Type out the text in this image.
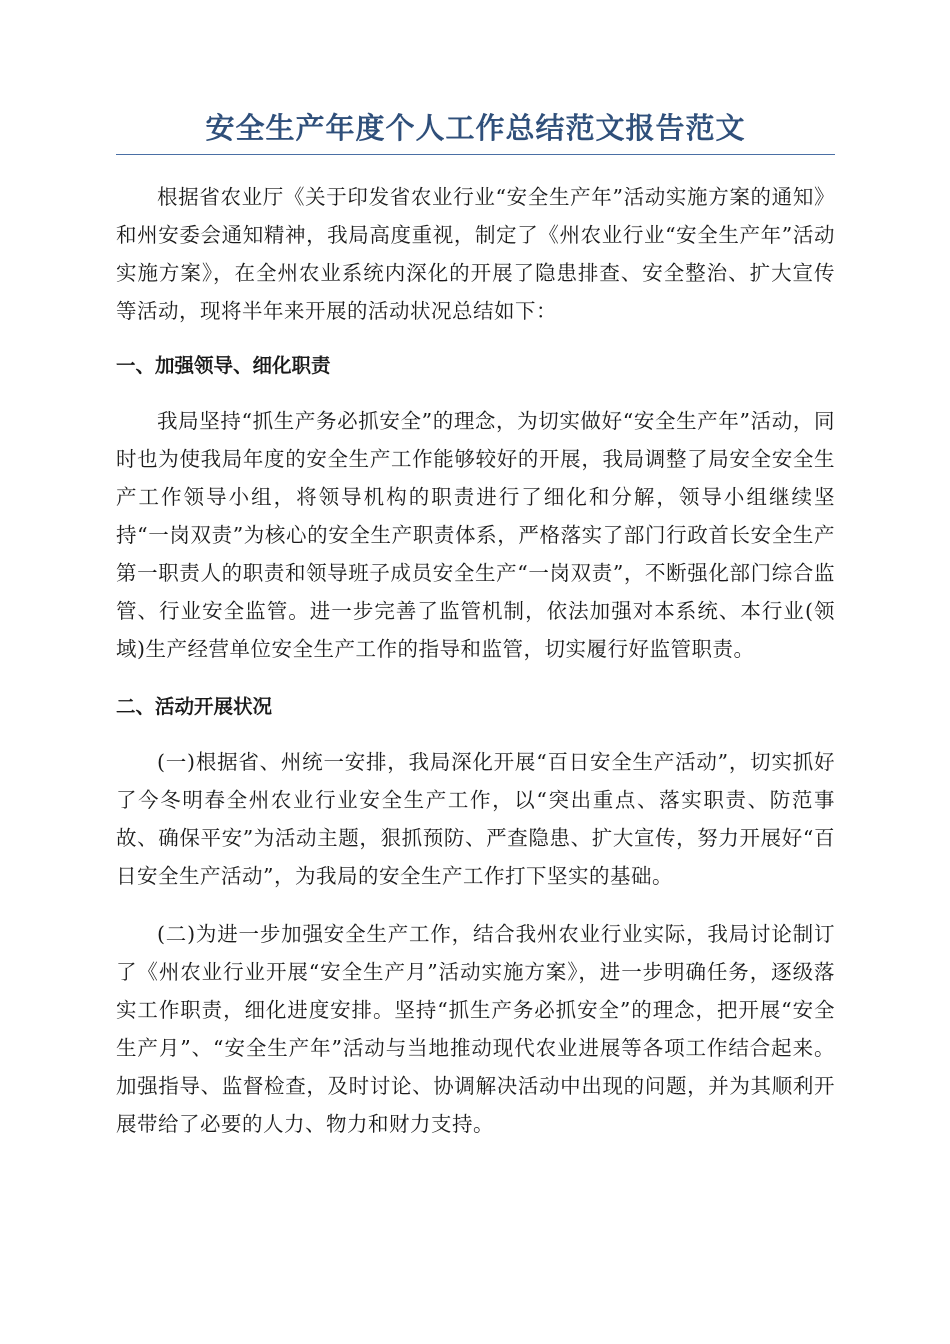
安全生产年度个人工作总结范文报告范文

根据省农业厅《关于印发省农业行业“安全生产年”活动实施方案的通知》和州安委会通知精神，我局高度重视，制定了《州农业行业“安全生产年”活动实施方案》，在全州农业系统内深化的开展了隐患排查、安全整治、扩大宣传等活动，现将半年来开展的活动状况总结如下：

一、加强领导、细化职责

我局坚持“抓生产务必抓安全”的理念，为切实做好“安全生产年”活动，同时也为使我局年度的安全生产工作能够较好的开展，我局调整了局安全安全生产工作领导小组，将领导机构的职责进行了细化和分解，领导小组继续坚持“一岗双责”为核心的安全生产职责体系，严格落实了部门行政首长安全生产第一职责人的职责和领导班子成员安全生产“一岗双责”，不断强化部门综合监管、行业安全监管。进一步完善了监管机制，依法加强对本系统、本行业(领域)生产经营单位安全生产工作的指导和监管，切实履行好监管职责。

二、活动开展状况

(一)根据省、州统一安排，我局深化开展“百日安全生产活动”，切实抓好了今冬明春全州农业行业安全生产工作，以“突出重点、落实职责、防范事故、确保平安”为活动主题，狠抓预防、严查隐患、扩大宣传，努力开展好“百日安全生产活动”，为我局的安全生产工作打下坚实的基础。

(二)为进一步加强安全生产工作，结合我州农业行业实际，我局讨论制订了《州农业行业开展“安全生产月”活动实施方案》，进一步明确任务，逐级落实工作职责，细化进度安排。坚持“抓生产务必抓安全”的理念，把开展“安全生产月”、“安全生产年”活动与当地推动现代农业进展等各项工作结合起来。加强指导、监督检查，及时讨论、协调解决活动中出现的问题，并为其顺利开展带给了必要的人力、物力和财力支持。
